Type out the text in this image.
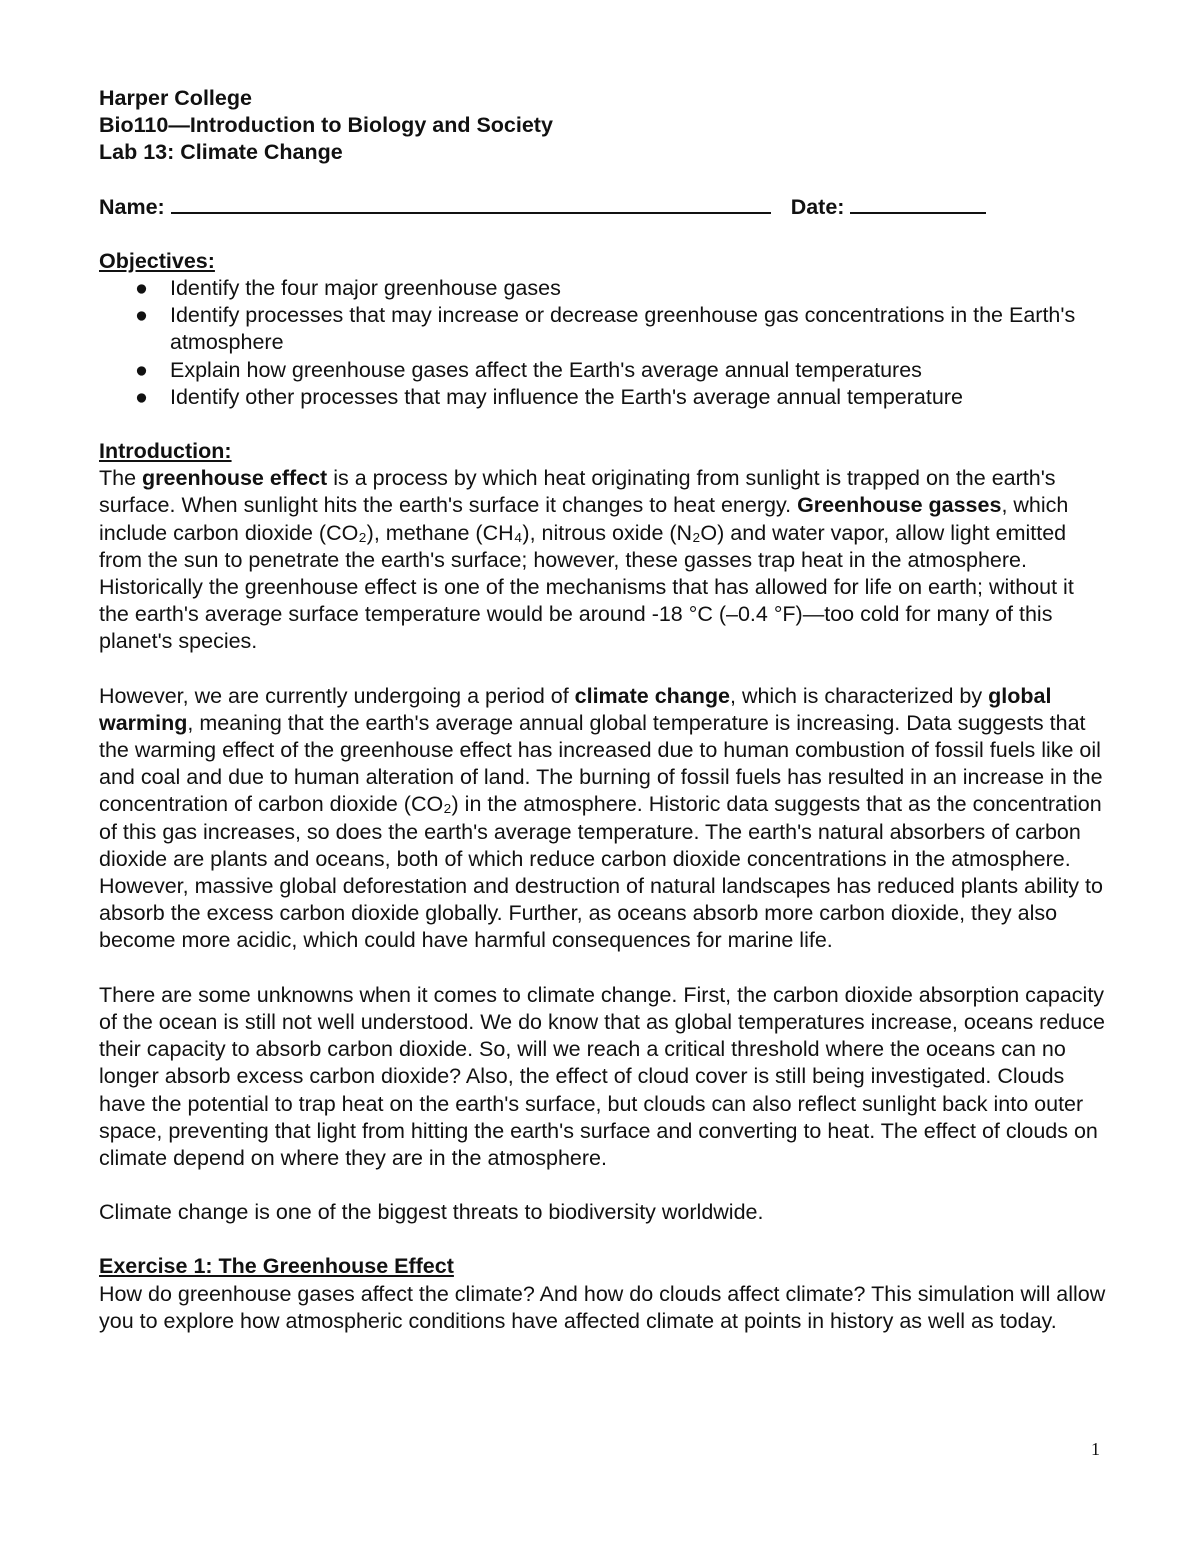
Harper College
Bio110—Introduction to Biology and Society
Lab 13: Climate Change
Name:	Date:
Objectives:
● Identify the four major greenhouse gases
● Identify processes that may increase or decrease greenhouse gas concentrations in the Earth's atmosphere
● Explain how greenhouse gases affect the Earth's average annual temperatures
● Identify other processes that may influence the Earth's average annual temperature
Introduction:

The greenhouse effect is a process by which heat originating from sunlight is trapped on the earth's surface. When sunlight hits the earth's surface it changes to heat energy. Greenhouse gasses, which include carbon dioxide (CO₂), methane (CH₄), nitrous oxide (N₂O) and water vapor, allow light emitted from the sun to penetrate the earth's surface; however, these gasses trap heat in the atmosphere. Historically the greenhouse effect is one of the mechanisms that has allowed for life on earth; without it the earth's average surface temperature would be around -18 °C (–0.4 °F)—too cold for many of this planet's species.

However, we are currently undergoing a period of climate change, which is characterized by global warming, meaning that the earth's average annual global temperature is increasing. Data suggests that the warming effect of the greenhouse effect has increased due to human combustion of fossil fuels like oil and coal and due to human alteration of land. The burning of fossil fuels has resulted in an increase in the concentration of carbon dioxide (CO₂) in the atmosphere. Historic data suggests that as the concentration of this gas increases, so does the earth's average temperature. The earth's natural absorbers of carbon dioxide are plants and oceans, both of which reduce carbon dioxide concentrations in the atmosphere. However, massive global deforestation and destruction of natural landscapes has reduced plants ability to absorb the excess carbon dioxide globally. Further, as oceans absorb more carbon dioxide, they also become more acidic, which could have harmful consequences for marine life.

There are some unknowns when it comes to climate change. First, the carbon dioxide absorption capacity of the ocean is still not well understood. We do know that as global temperatures increase, oceans reduce their capacity to absorb carbon dioxide. So, will we reach a critical threshold where the oceans can no longer absorb excess carbon dioxide? Also, the effect of cloud cover is still being investigated. Clouds have the potential to trap heat on the earth's surface, but clouds can also reflect sunlight back into outer space, preventing that light from hitting the earth's surface and converting to heat. The effect of clouds on climate depend on where they are in the atmosphere.

Climate change is one of the biggest threats to biodiversity worldwide.

Exercise 1: The Greenhouse Effect

How do greenhouse gases affect the climate? And how do clouds affect climate? This simulation will allow you to explore how atmospheric conditions have affected climate at points in history as well as today.

1
